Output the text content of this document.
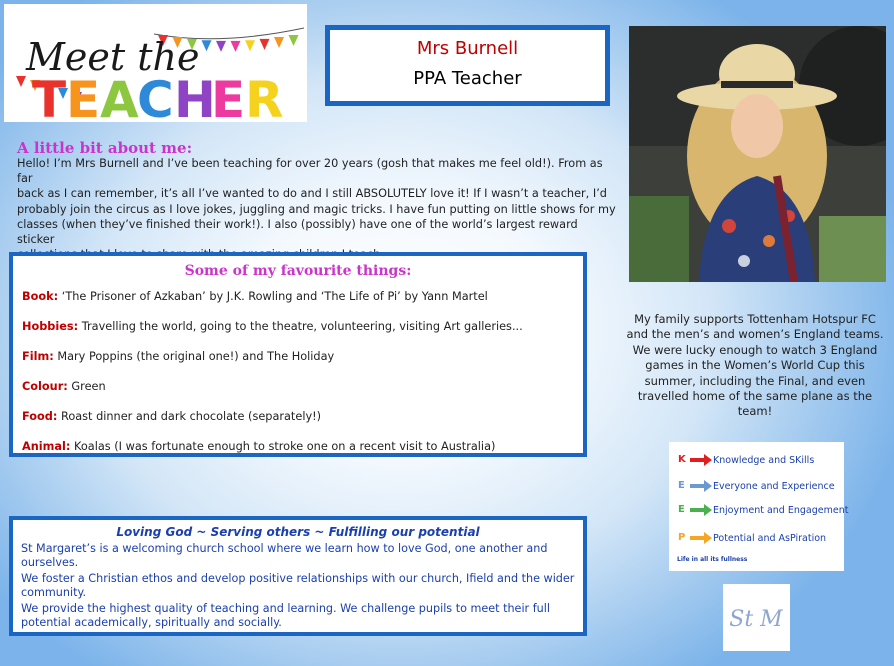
Meet the
T E A
C H
E R
Mrs Burnell
PPA Teacher
A little bit about me:
Hello! I’m Mrs Burnell and I’ve been teaching for over 20 years (gosh that makes me feel old!). From as far
back as I can remember, it’s all I’ve wanted to do and I still ABSOLUTELY love it! If I wasn’t a teacher, I’d
probably join the circus as I love jokes, juggling and magic tricks. I have fun putting on little shows for my
classes (when they’ve finished their work!). I also (possibly) have one of the world’s largest reward sticker
Some of my favourite things:
Book: ‘The Prisoner of Azkaban’ by J.K. Rowling and ‘The Life of Pi’ by Yann Martel
Hobbies: Travelling the world, going to the theatre, volunteering, visiting Art galleries...
Film: Mary Poppins (the original one!) and The Holiday
Colour: Green
Food: Roast dinner and dark chocolate (separately!)
Animal: Koalas (I was fortunate enough to stroke one on a recent visit to Australia)
My family supports Tottenham Hotspur FC
and the men’s and women’s England teams.
We were lucky enough to watch 3 England
games in the Women’s World Cup this
summer, including the Final, and even
travelled home of the same plane as the
team!
K	Knowledge and SKills
E	Everyone and Experience
E	Enjoyment and Engagement
P	Potential and AsPiration
Life in all its fullness
St M
Loving God ~ Serving others ~ Fulfilling our potential
St Margaret’s is a welcoming church school where we learn how to love God, one another and ourselves.
We foster a Christian ethos and develop positive relationships with our church, Ifield and the wider community.
We provide the highest quality of teaching and learning. We challenge pupils to meet their full potential academically, spiritually and socially.
